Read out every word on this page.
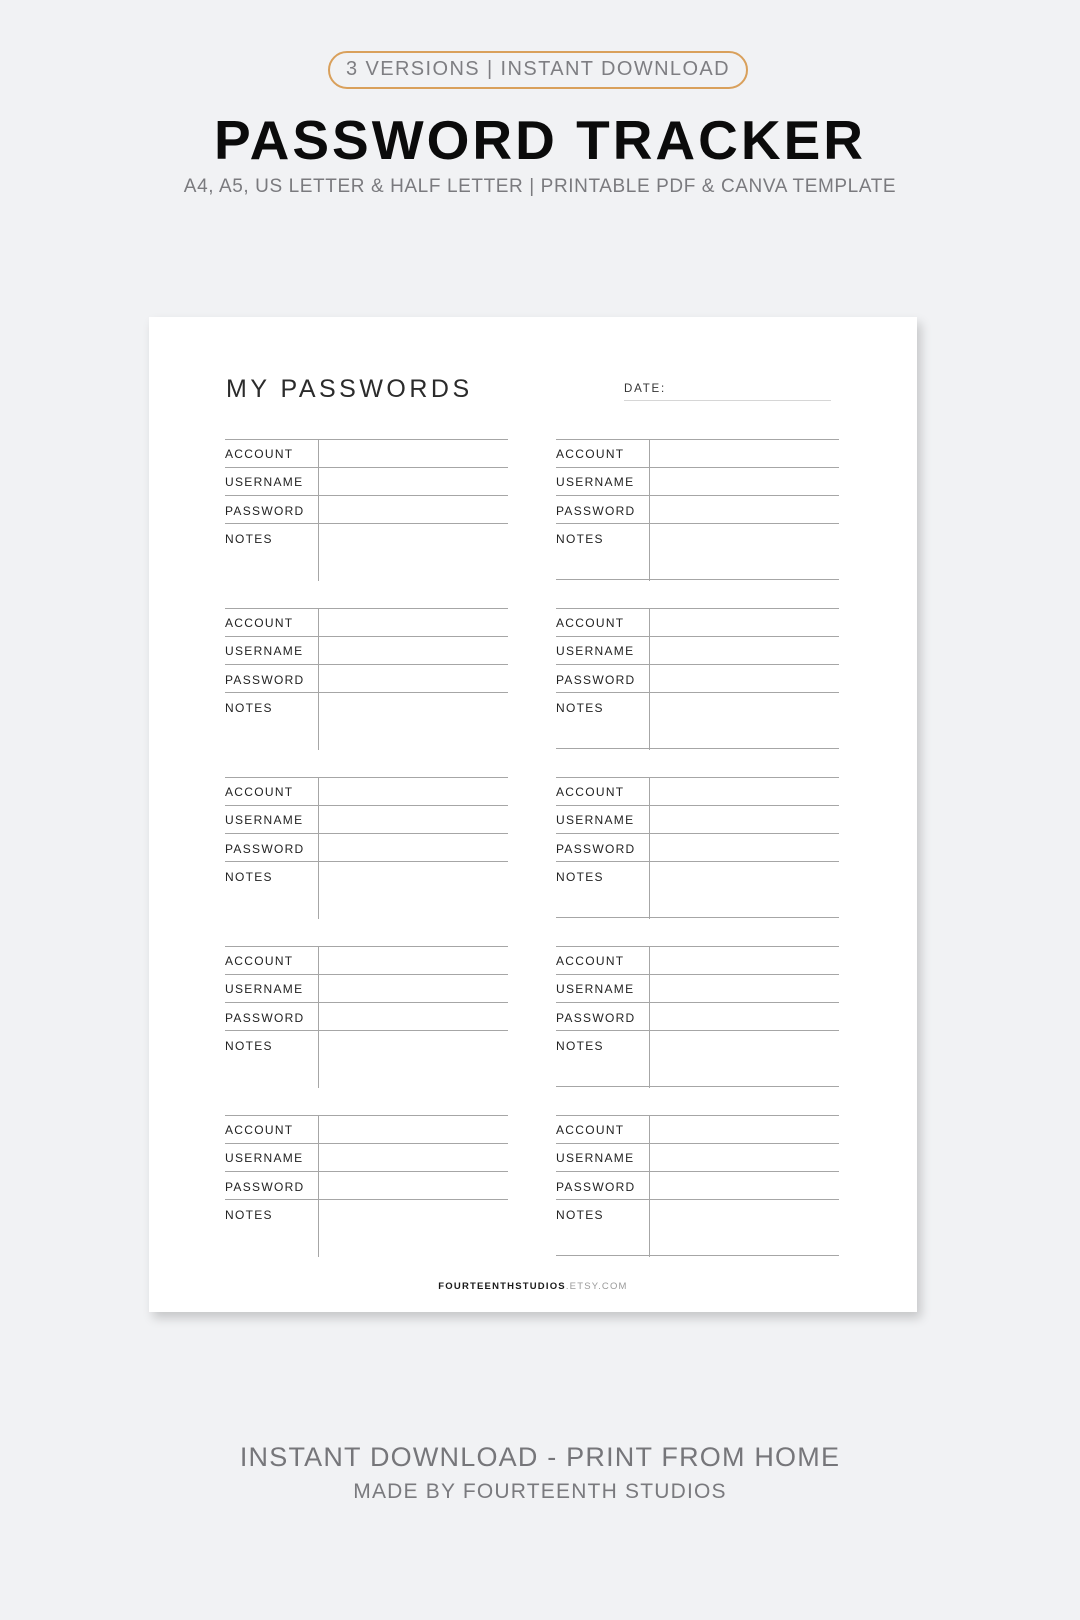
3 VERSIONS | INSTANT DOWNLOAD
PASSWORD TRACKER
A4, A5, US LETTER & HALF LETTER | PRINTABLE PDF & CANVA TEMPLATE
MY PASSWORDS	DATE:
ACCOUNT
USERNAME
PASSWORD
NOTES
ACCOUNT
USERNAME
PASSWORD
NOTES
ACCOUNT
USERNAME
PASSWORD
NOTES
ACCOUNT
USERNAME
PASSWORD
NOTES
ACCOUNT
USERNAME
PASSWORD
NOTES
ACCOUNT
USERNAME
PASSWORD
NOTES
ACCOUNT
USERNAME
PASSWORD
NOTES
ACCOUNT
USERNAME
PASSWORD
NOTES
ACCOUNT
USERNAME
PASSWORD
NOTES
ACCOUNT
USERNAME
PASSWORD
NOTES
FOURTEENTHSTUDIOS.ETSY.COM
INSTANT DOWNLOAD - PRINT FROM HOME
MADE BY FOURTEENTH STUDIOS
